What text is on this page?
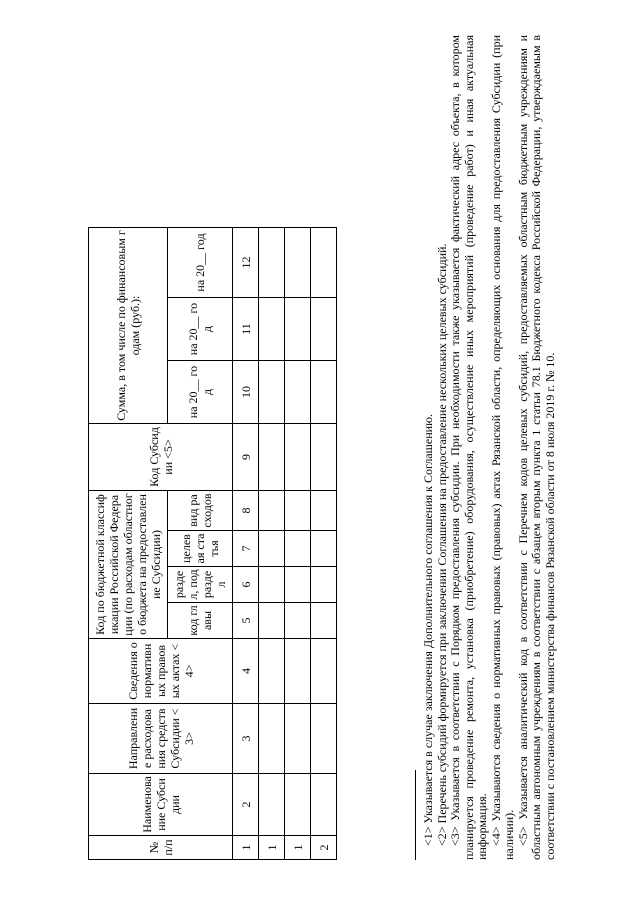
№ п/п	Наименование Субсидии	Направление расходования средств Субсидии <3>	Сведения о нормативных правовых актах <4>	Код по бюджетной классификации Российской Федерации (по расходам областного бюджета на предоставление Субсидии)				Код Субсидии <5>	Сумма, в том числе по финансовым годам (руб.):		
				код главы	раздел, подраздел	целевая статья	вид расходов		на 20__ год	на 20__ год	на 20__ год
1	2	3	4	5	6	7	8	9	10	11	12
1											
1											
2											

<1> Указывается в случае заключения Дополнительного соглашения к Соглашению. <2> Перечень субсидий формируется при заключении Соглашения на предоставление нескольких целевых субсидий. <3> Указывается в соответствии с Порядком предоставления субсидии. При необходимости также указывается фактический адрес объекта, в котором планируется проведение ремонта, установка (приобретение) оборудования, осуществление иных мероприятий (проведение работ) и иная актуальная информация. <4> Указываются сведения о нормативных правовых (правовых) актах Рязанской области, определяющих основания для предоставления Субсидии (при наличии). <5> Указывается аналитический код в соответствии с Перечнем кодов целевых субсидий, предоставляемых областным бюджетным учреждениям и областным автономным учреждениям в соответствии с абзацем вторым пункта 1 статьи 78.1 Бюджетного кодекса Российской Федерации, утверждаемым в соответствии с постановлением министерства финансов Рязанской области от 8 июля 2019 г. № 10.
